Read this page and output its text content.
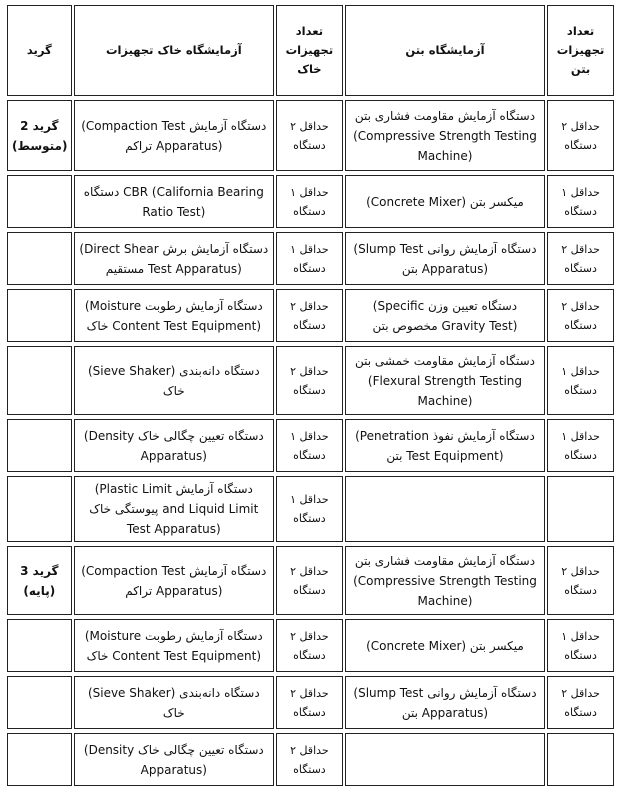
گرید	آزمایشگاه خاک تجهیزات	تعداد تجهیزات خاک	آزمایشگاه بتن	تعداد تجهیزات بتن

گرید 2 (متوسط)	(Compaction Test دستگاه آزمایش تراکم Apparatus)	حداقل ۲ دستگاه	دستگاه آزمایش مقاومت فشاری بتن (Compressive Strength Testing Machine)	حداقل ۲ دستگاه

	دستگاه CBR (California Bearing Ratio Test)	حداقل ۱ دستگاه	(Concrete Mixer) میکسر بتن	حداقل ۱ دستگاه

	(Direct Shear دستگاه آزمایش برش مستقیم Test Apparatus)	حداقل ۱ دستگاه	(Slump Test دستگاه آزمایش روانی بتن Apparatus)	حداقل ۲ دستگاه

	(Moisture دستگاه آزمایش رطوبت خاک Content Test Equipment)	حداقل ۲ دستگاه	(Specific دستگاه تعیین وزن مخصوص بتن Gravity Test)	حداقل ۲ دستگاه

	(Sieve Shaker) دستگاه دانه‌بندی خاک	حداقل ۲ دستگاه	دستگاه آزمایش مقاومت خمشی بتن (Flexural Strength Testing Machine)	حداقل ۱ دستگاه

	(Density دستگاه تعیین چگالی خاک Apparatus)	حداقل ۱ دستگاه	(Penetration دستگاه آزمایش نفوذ بتن Test Equipment)	حداقل ۱ دستگاه

	(Plastic Limit دستگاه آزمایش پیوستگی خاک and Liquid Limit Test Apparatus)	حداقل ۱ دستگاه		

گرید 3 (پایه)	(Compaction Test دستگاه آزمایش تراکم Apparatus)	حداقل ۲ دستگاه	دستگاه آزمایش مقاومت فشاری بتن (Compressive Strength Testing Machine)	حداقل ۲ دستگاه

	(Moisture دستگاه آزمایش رطوبت خاک Content Test Equipment)	حداقل ۲ دستگاه	(Concrete Mixer) میکسر بتن	حداقل ۱ دستگاه

	(Sieve Shaker) دستگاه دانه‌بندی خاک	حداقل ۲ دستگاه	(Slump Test دستگاه آزمایش روانی بتن Apparatus)	حداقل ۲ دستگاه

	(Density دستگاه تعیین چگالی خاک Apparatus)	حداقل ۲ دستگاه		
